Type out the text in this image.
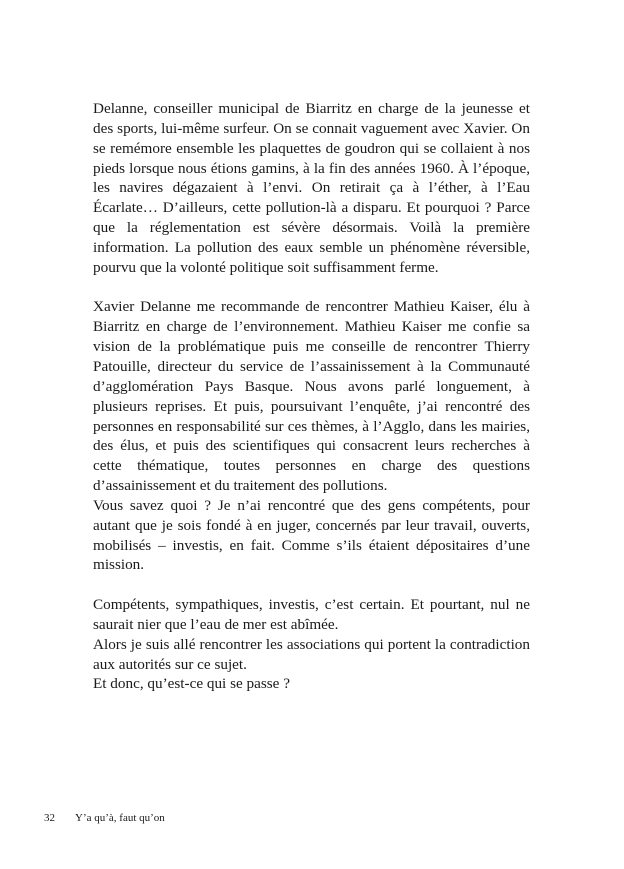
Delanne, conseiller municipal de Biarritz en charge de la jeunesse et des sports, lui-même surfeur. On se connait vaguement avec Xavier. On se remémore ensemble les plaquettes de goudron qui se collaient à nos pieds lorsque nous étions gamins, à la fin des années 1960. À l’époque, les navires dégazaient à l’envi. On retirait ça à l’éther, à l’Eau Écarlate… D’ailleurs, cette pollution-là a disparu. Et pourquoi ? Parce que la réglementation est sévère désormais. Voilà la première information. La pollution des eaux semble un phénomène réversible, pourvu que la volonté politique soit suffisamment ferme.

Xavier Delanne me recommande de rencontrer Mathieu Kaiser, élu à Biarritz en charge de l’environnement. Mathieu Kaiser me confie sa vision de la problématique puis me conseille de rencontrer Thierry Patouille, directeur du service de l’assainissement à la Communauté d’agglomération Pays Basque. Nous avons parlé longuement, à plusieurs reprises. Et puis, poursuivant l’enquête, j’ai rencontré des personnes en responsabilité sur ces thèmes, à l’Agglo, dans les mairies, des élus, et puis des scientifiques qui consacrent leurs recherches à cette thématique, toutes personnes en charge des questions d’assainissement et du traitement des pollutions.

Vous savez quoi ? Je n’ai rencontré que des gens compétents, pour autant que je sois fondé à en juger, concernés par leur travail, ouverts, mobilisés – investis, en fait. Comme s’ils étaient dépositaires d’une mission.

Compétents, sympathiques, investis, c’est certain. Et pourtant, nul ne saurait nier que l’eau de mer est abîmée.

Alors je suis allé rencontrer les associations qui portent la contradiction aux autorités sur ce sujet.

Et donc, qu’est-ce qui se passe ?

32 Y’a qu’à, faut qu’on
